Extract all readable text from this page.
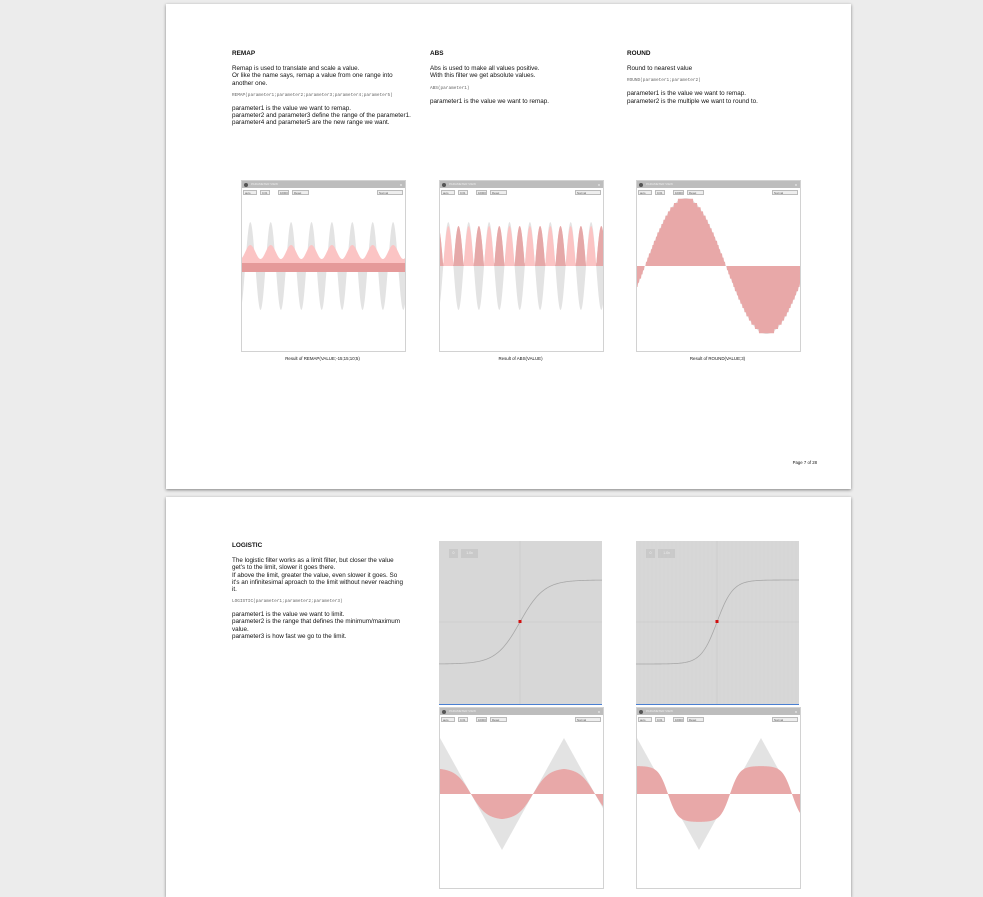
REMAP

Remap is used to translate and scale a value.
Or like the name says, remap a value from one range into another one.

REMAP(parameter1;parameter2;parameter3;parameter4;parameter5)

parameter1 is the value we want to remap.

parameter2 and parameter3 define the range of the parameter1.

parameter4 and parameter5 are the new range we want.

ABS

Abs is used to make all values positive.
With this filter we get absolute values.

ABS(parameter1)

parameter1 is the value we want to remap.

ROUND

Round to nearest value

ROUND(parameter1;parameter2)

parameter1 is the value we want to remap.

parameter2 is the multiple we want to round to.

PARAMETER VIEW	x
auto	0.01	10000	Reset	Normal
Result of REMAP(VALUE;-15;15;10;5)
PARAMETER VIEW	x
auto	0.01	10000	Reset	Normal
Result of ABS(VALUE)
PARAMETER VIEW	x
auto	0.01	10000	Reset	Normal
Result of ROUND(VALUE;3)
Page 7 of 28
LOGISTIC

The logistic filter works as a limit filter, but closer the value get's to the limit, slower it goes there.
If above the limit, greater the value, even slower it goes. So it's an infinitesimal aproach to the limit without never reaching it.

LOGISTIC(parameter1;parameter2;parameter3)

parameter1 is the value we want to limit.

parameter2 is the range that defines the minimum/maximum value.

parameter3 is how fast we go to the limit.

0	1.0x	0	1.0x
PARAMETER VIEW	x
auto	0.01	10000	Reset	Normal
PARAMETER VIEW	x
auto	0.01	10000	Reset	Normal
